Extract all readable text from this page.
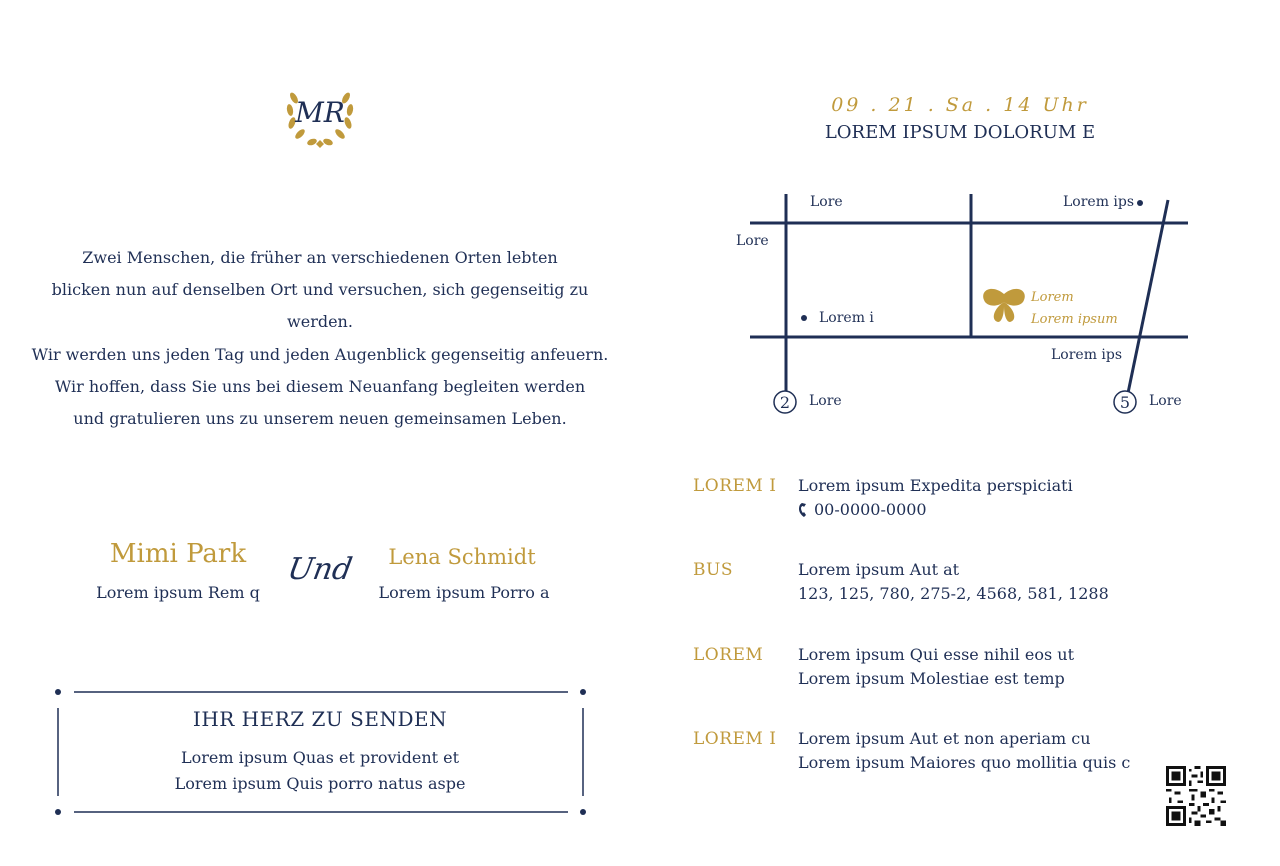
MR
Zwei Menschen, die früher an verschiedenen Orten lebten
blicken nun auf denselben Ort und versuchen, sich gegenseitig zu werden.
Wir werden uns jeden Tag und jeden Augenblick gegenseitig anfeuern.
Wir hoffen, dass Sie uns bei diesem Neuanfang begleiten werden
und gratulieren uns zu unserem neuen gemeinsamen Leben.
Mimi Park
Lorem ipsum Rem q
Und	Lena Schmidt
Lorem ipsum Porro a
IHR HERZ ZU SENDEN
Lorem ipsum Quas et provident et
Lorem ipsum Quis porro natus aspe
09 . 21 . Sa . 14 Uhr
LOREM IPSUM DOLORUM E
Lore
Lore
Lorem ips
Lorem i
Lorem ips
Lore	Lore
Lorem
Lorem ipsum
2	5
LOREM I Lorem ipsum Expedita perspiciati
00-0000-0000
BUS	Lorem ipsum Aut at
123, 125, 780, 275-2, 4568, 581, 1288
LOREM Lorem ipsum Qui esse nihil eos ut
Lorem ipsum Molestiae est temp
LOREM I Lorem ipsum Aut et non aperiam cu
Lorem ipsum Maiores quo mollitia quis c
